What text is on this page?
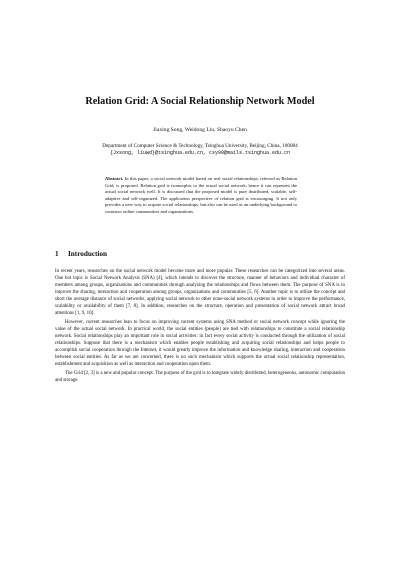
Relation Grid: A Social Relationship Network Model
Jiaxing Song, Weidong Liu, Shaoyu Chen
Department of Computer Science & Technology, Tsinghua University, Beijing, China, 100084
{Jxsong, liuwd}@tsinghua.edu.cn, csy98@mails.tsinghua.edu.cn
Abstract. In this paper, a social network model based on real social relationships, referred as Relation Grid, is proposed. Relation grid is isomorphic to the actual social network; hence it can represent the actual social network well. It is discussed that the proposed model is pure distributed, scalable, self-adaptive and self-organized. The application perspective of relation grid is encouraging. It not only provides a new way to acquire social relationships, but also can be used as an underlying background to construct online communities and organizations.
1 Introduction

In recent years, researches on the social network model become more and more popular. These researches can be categorized into several areas. One hot topic is Social Network Analysis (SNA) [4], which intends to discover the structure, manner of behaviors and individual character of members among groups, organizations and communities through analyzing the relationships and flows between them. The purpose of SNA is to improve the sharing, interaction and cooperation among groups, organizations and communities [5, 6]. Another topic is to utilize the concept and short the average distance of social networks, applying social network to other none-social network systems in order to improve the performance, scalability or availability of them [7, 8]. In addition, researches on the structure, operation and presentation of social network attract broad attentions [1, 9, 10].

However, current researches lean to focus on improving current systems using SNA method or social network concept while ignoring the value of the actual social network. In practical world, the social entities (people) are tied with relationships to constitute a social relationship network. Social relationships play an important role in social activities: in fact every social activity is conducted through the utilization of social relationships. Suppose that there is a mechanism which enables people establishing and acquiring social relationships and helps people to accomplish social cooperation through the Internet, it would greatly improve the information and knowledge sharing, interaction and cooperation between social entities. As far as we are concerned, there is no such mechanism which supports the actual social relationship representation, establishment and acquisition as well as interaction and cooperation upon them.

The Grid [2, 3] is a new and popular concept. The purpose of the grid is to integrate widely distributed, heterogeneous, autonomic computation and storage
